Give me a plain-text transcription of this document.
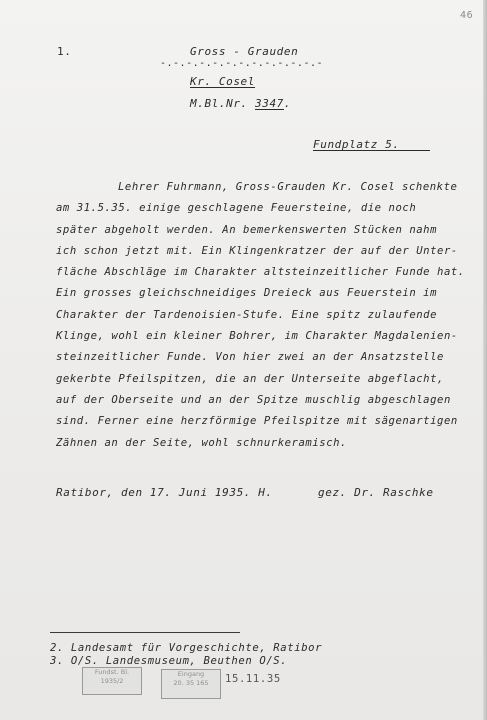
46
1.	Gross - Grauden
-.-.-.-.-.-.-.-.-.-.-.-.-
Kr. Cosel
M.Bl.Nr. 3347.
Fundplatz 5.
Lehrer Fuhrmann, Gross-Grauden Kr. Cosel schenkte
am 31.5.35. einige geschlagene Feuersteine, die noch
später abgeholt werden. An bemerkenswerten Stücken nahm
ich schon jetzt mit. Ein Klingenkratzer der auf der Unter-
fläche Abschläge im Charakter altsteinzeitlicher Funde hat.
Ein grosses gleichschneidiges Dreieck aus Feuerstein im
Charakter der Tardenoisien-Stufe. Eine spitz zulaufende
Klinge, wohl ein kleiner Bohrer, im Charakter Magdalenien-
steinzeitlicher Funde. Von hier zwei an der Ansatzstelle
gekerbte Pfeilspitzen, die an der Unterseite abgeflacht,
auf der Oberseite und an der Spitze muschlig abgeschlagen
sind. Ferner eine herzförmige Pfeilspitze mit sägenartigen
Zähnen an der Seite, wohl schnurkeramisch.
Ratibor, den 17. Juni 1935. H.	gez. Dr. Raschke
2. Landesamt für Vorgeschichte, Ratibor
3. O/S. Landesmuseum, Beuthen O/S.
Fundst. Bl.
1935/2
Eingang
20. 35 165	15.11.35
